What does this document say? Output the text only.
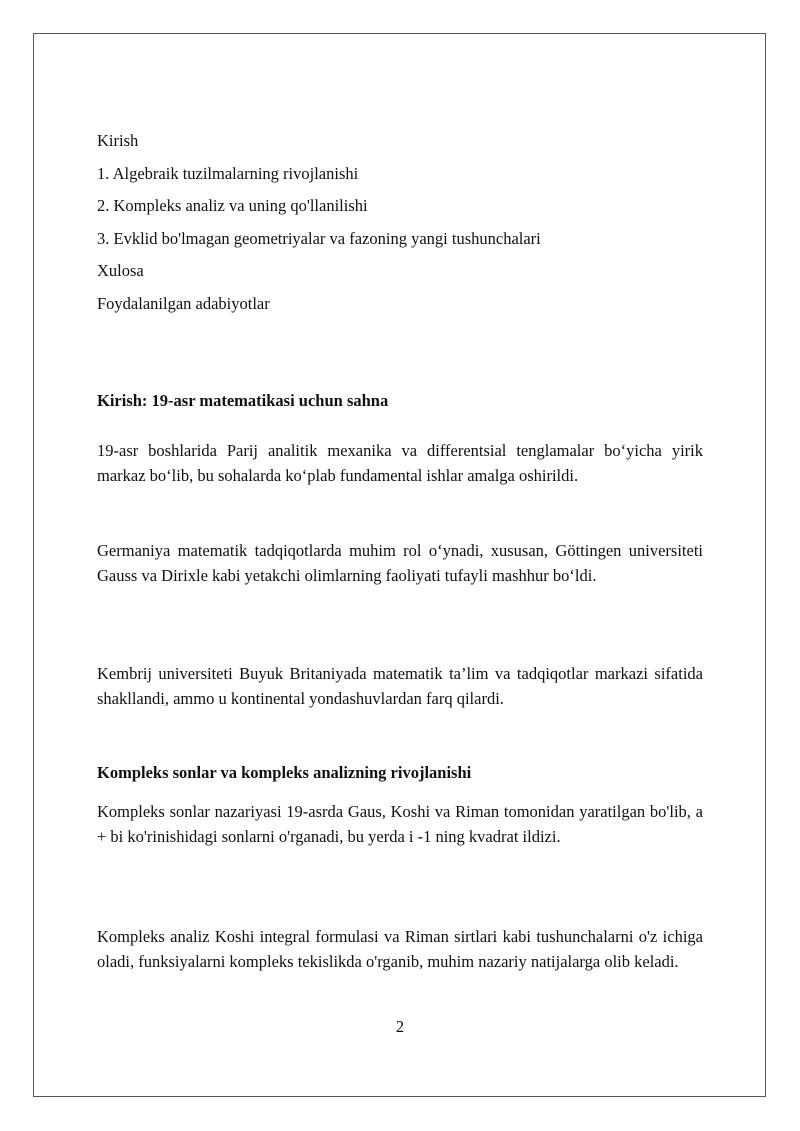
Kirish
1. Algebraik tuzilmalarning rivojlanishi
2. Kompleks analiz va uning qo'llanilishi
3. Evklid bo'lmagan geometriyalar va fazoning yangi tushunchalari
Xulosa
Foydalanilgan adabiyotlar
Kirish: 19-asr matematikasi uchun sahna

19-asr boshlarida Parij analitik mexanika va differentsial tenglamalar bo‘yicha yirik markaz bo‘lib, bu sohalarda ko‘plab fundamental ishlar amalga oshirildi.

Germaniya matematik tadqiqotlarda muhim rol o‘ynadi, xususan, Göttingen universiteti Gauss va Dirixle kabi yetakchi olimlarning faoliyati tufayli mashhur bo‘ldi.

Kembrij universiteti Buyuk Britaniyada matematik ta’lim va tadqiqotlar markazi sifatida shakllandi, ammo u kontinental yondashuvlardan farq qilardi.

Kompleks sonlar va kompleks analizning rivojlanishi

Kompleks sonlar nazariyasi 19-asrda Gaus, Koshi va Riman tomonidan yaratilgan bo'lib, a + bi ko'rinishidagi sonlarni o'rganadi, bu yerda i -1 ning kvadrat ildizi.

Kompleks analiz Koshi integral formulasi va Riman sirtlari kabi tushunchalarni o'z ichiga oladi, funksiyalarni kompleks tekislikda o'rganib, muhim nazariy natijalarga olib keladi.

2
